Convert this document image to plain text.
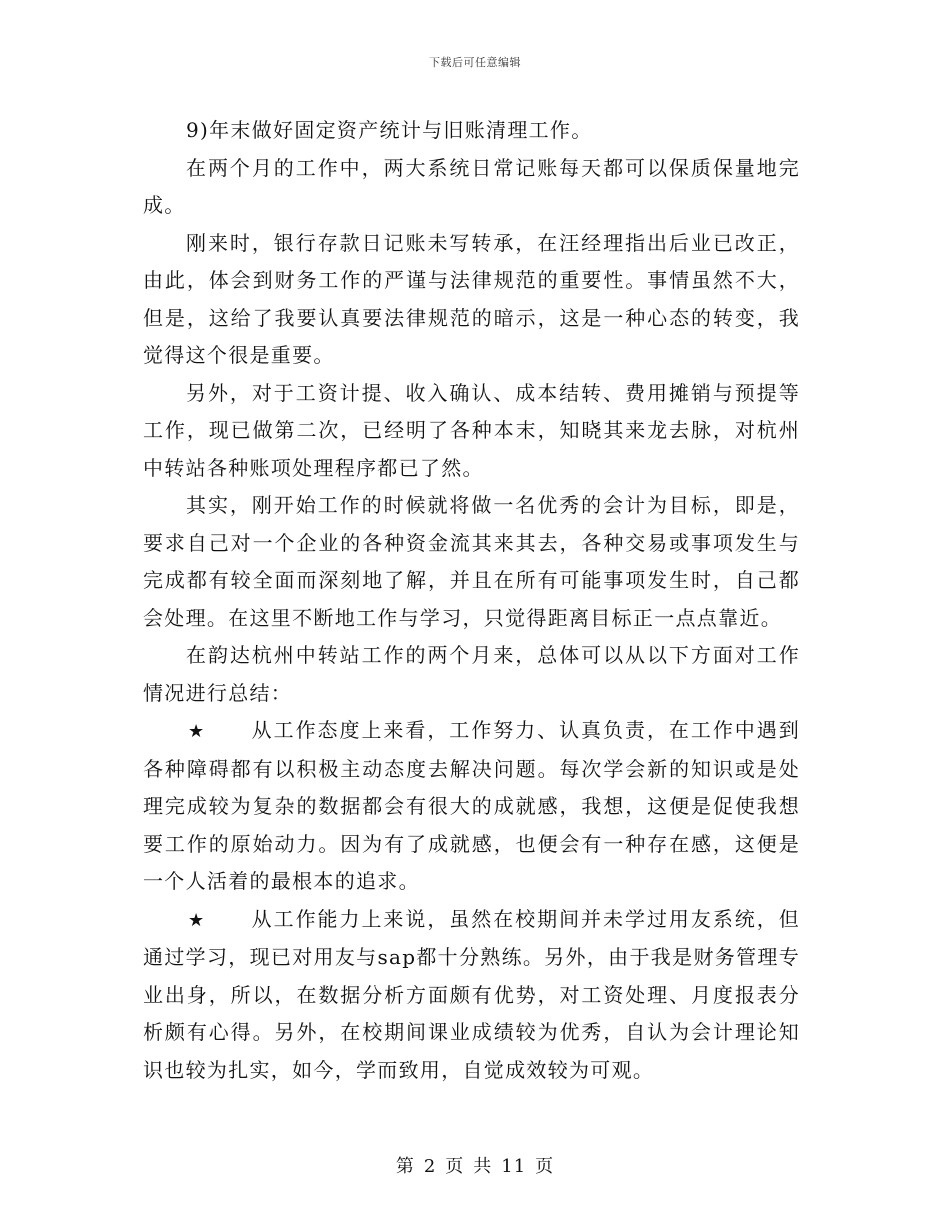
下载后可任意编辑

9)年末做好固定资产统计与旧账清理工作。

在两个月的工作中，两大系统日常记账每天都可以保质保量地完成。

刚来时，银行存款日记账未写转承，在汪经理指出后业已改正，由此，体会到财务工作的严谨与法律规范的重要性。事情虽然不大，但是，这给了我要认真要法律规范的暗示，这是一种心态的转变，我觉得这个很是重要。

另外，对于工资计提、收入确认、成本结转、费用摊销与预提等工作，现已做第二次，已经明了各种本末，知晓其来龙去脉，对杭州中转站各种账项处理程序都已了然。

其实，刚开始工作的时候就将做一名优秀的会计为目标，即是，要求自己对一个企业的各种资金流其来其去，各种交易或事项发生与完成都有较全面而深刻地了解，并且在所有可能事项发生时，自己都会处理。在这里不断地工作与学习，只觉得距离目标正一点点靠近。

在韵达杭州中转站工作的两个月来，总体可以从以下方面对工作情况进行总结：

★ 从工作态度上来看，工作努力、认真负责，在工作中遇到各种障碍都有以积极主动态度去解决问题。每次学会新的知识或是处理完成较为复杂的数据都会有很大的成就感，我想，这便是促使我想要工作的原始动力。因为有了成就感，也便会有一种存在感，这便是一个人活着的最根本的追求。

★ 从工作能力上来说，虽然在校期间并未学过用友系统，但通过学习，现已对用友与sap都十分熟练。另外，由于我是财务管理专业出身，所以，在数据分析方面颇有优势，对工资处理、月度报表分析颇有心得。另外，在校期间课业成绩较为优秀，自认为会计理论知识也较为扎实，如今，学而致用，自觉成效较为可观。

第 2 页 共 11 页
